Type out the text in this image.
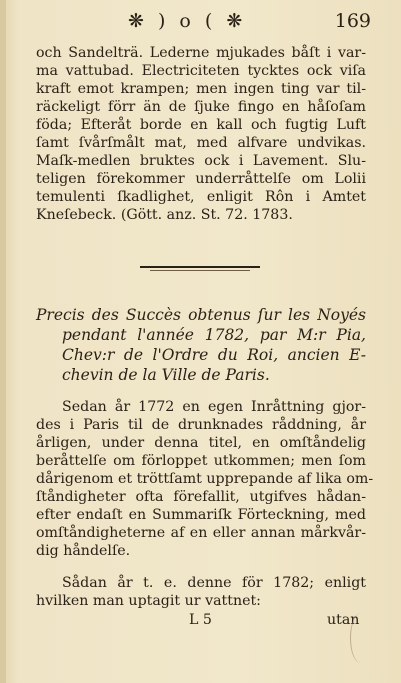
❋ ) o ( ❋	169
och Sandelträ. Lederne mjukades båſt i var-
ma vattubad. Electriciteten tycktes ock viſa
kraft emot krampen; men ingen ting var til-
räckeligt förr än de ſjuke fingo en håſoſam
föda; Efteråt borde en kall och fugtig Luft
ſamt ſvårſmålt mat, med alfvare undvikas.
Maſk-medlen bruktes ock i Lavement. Slu-
teligen förekommer underråttelſe om Lolii
temulenti ſkadlighet, enligit Rôn i Amtet
Kneſebeck. (Gött. anz. St. 72. 1783.
Precis des Succès obtenus ſur les Noyés
pendant l'année 1782, par M:r Pia,
Chev:r de l'Ordre du Roi, ancien E-
chevin de la Ville de Paris.
Sedan år 1772 en egen Inråttning gjor-
des i Paris til de drunknades råddning, år
årligen, under denna titel, en omſtåndelig
beråttelſe om förloppet utkommen; men ſom
dårigenom et tröttſamt upprepande af lika om-
ſtåndigheter ofta förefallit, utgifves hådan-
efter endaſt en Summariſk Förteckning, med
omſtåndigheterne af en eller annan mårkvår-
dig håndelſe.
Sådan år t. e. denne för 1782; enligt
hvilken man uptagit ur vattnet:
L 5	utan
